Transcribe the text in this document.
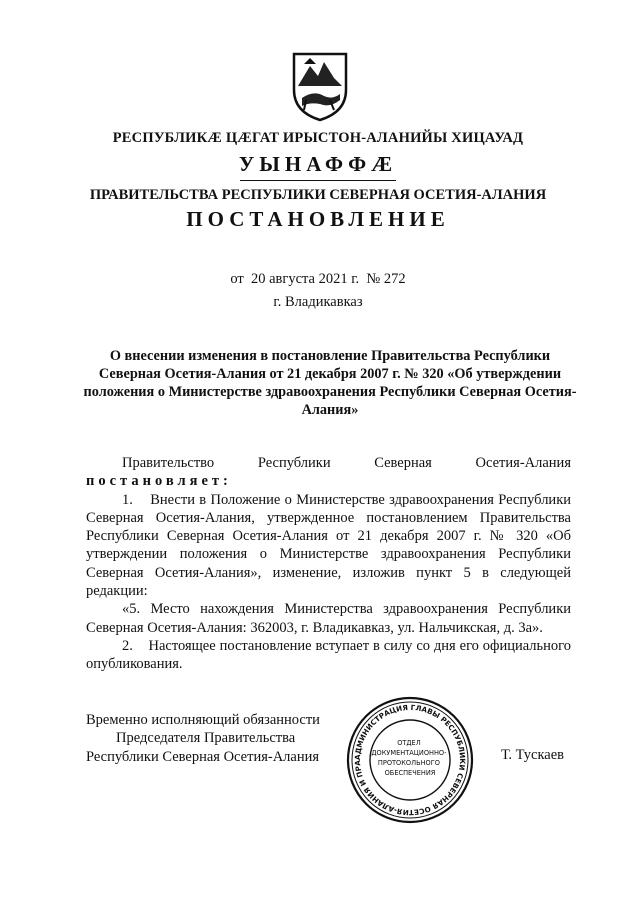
РЕСПУБЛИКӔ ЦӔГАТ ИРЫСТОН-АЛАНИЙЫ ХИЦАУАД
УЫНАФФӔ
ПРАВИТЕЛЬСТВА РЕСПУБЛИКИ СЕВЕРНАЯ ОСЕТИЯ-АЛАНИЯ
ПОСТАНОВЛЕНИЕ
от  20 августа 2021 г.  № 272
г. Владикавказ
О внесении изменения в постановление Правительства Республики Северная Осетия-Алания от 21 декабря 2007 г. № 320 «Об утверждении положения о Министерстве здравоохранения Республики Северная Осетия-Алания»

Правительство Республики Северная Осетия-Алания

постановляет:

1.    Внести в Положение о Министерстве здравоохранения Республики Северная Осетия-Алания, утвержденное постановлением Правительства Республики Северная Осетия-Алания от 21 декабря 2007 г. № 320 «Об утверждении положения о Министерстве здравоохранения Республики Северная Осетия-Алания», изменение, изложив пункт 5 в следующей редакции:

«5. Место нахождения Министерства здравоохранения Республики Северная Осетия-Алания: 362003, г. Владикавказ, ул. Нальчикская, д. 3а».

2.    Настоящее постановление вступает в силу со дня его официального опубликования.

Временно исполняющий обязанности
Председателя Правительства
Республики Северная Осетия-Алания	Т. Тускаев
АДМИНИСТРАЦИЯ ГЛАВЫ РЕСПУБЛИКИ СЕВЕРНАЯ ОСЕТИЯ-АЛАНИЯ И ПРА
ОТДЕЛ ДОКУМЕНТАЦИОННО- ПРОТОКОЛЬНОГО ОБЕСПЕЧЕНИЯ
